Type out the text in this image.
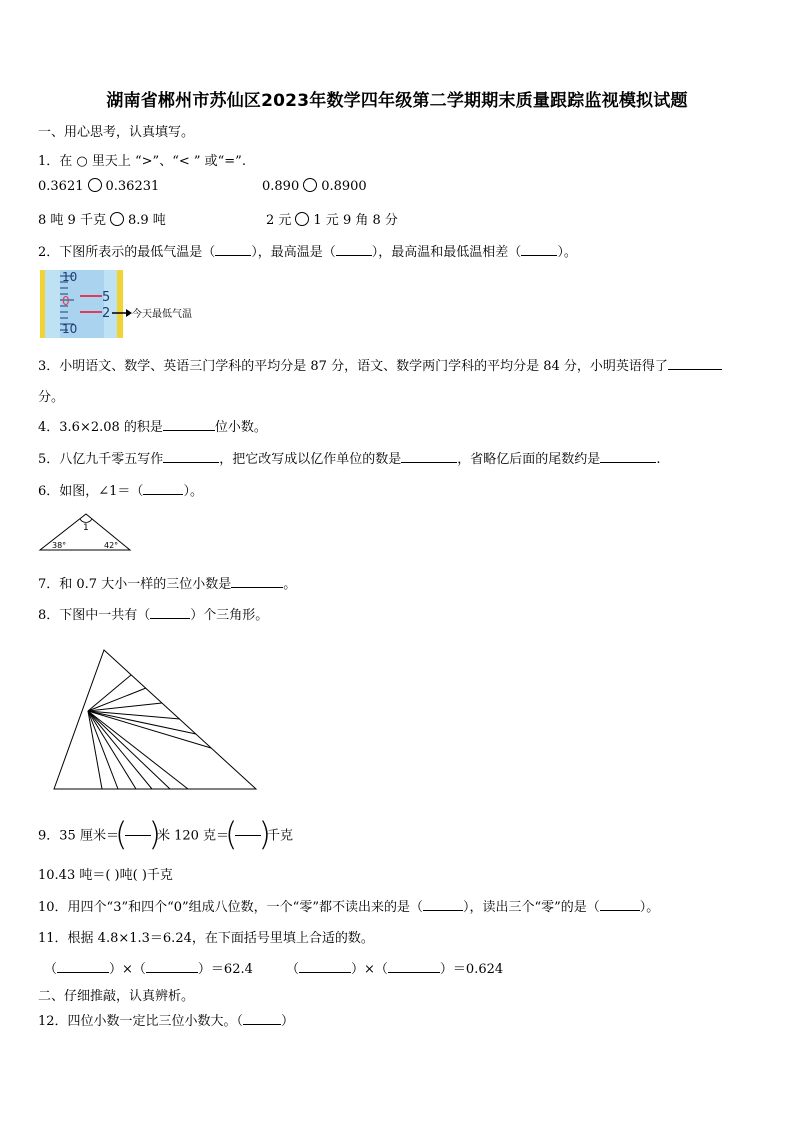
湖南省郴州市苏仙区2023年数学四年级第二学期期末质量跟踪监视模拟试题
一、用心思考，认真填写。
1．在 ○ 里天上 “>”、“< ” 或“=”.
0.3621 0.36231	0.890 0.8900
8 吨 9 千克 8.9 吨	2 元 1 元 9 角 8 分
2．下图所表示的最低气温是（	），最高温是（	），最高温和最低温相差（	）。
10
0
10
5
2 今天最低气温
3．小明语文、数学、英语三门学科的平均分是 87 分，语文、数学两门学科的平均分是 84 分，小明英语得了
分。
4．3.6×2.08 的积是	位小数。
5．八亿九千零五写作	，把它改写成以亿作单位的数是	，省略亿后面的尾数约是	.
6．如图，∠1＝（	）。
1
38°	42°
7．和 0.7 大小一样的三位小数是	。
8．下图中一共有（	）个三角形。
9．35 厘米＝
( )
米 120 克＝
( )
千克
10.43 吨＝( )吨( )千克
10．用四个“3”和四个“0”组成八位数，一个“零”都不读出来的是（	），读出三个“零”的是（	）。
11．根据 4.8×1.3＝6.24，在下面括号里填上合适的数。
（	）×（	）＝62.4	（	）×（	）＝0.624
二、仔细推敲，认真辨析。
12．四位小数一定比三位小数大。（	）
